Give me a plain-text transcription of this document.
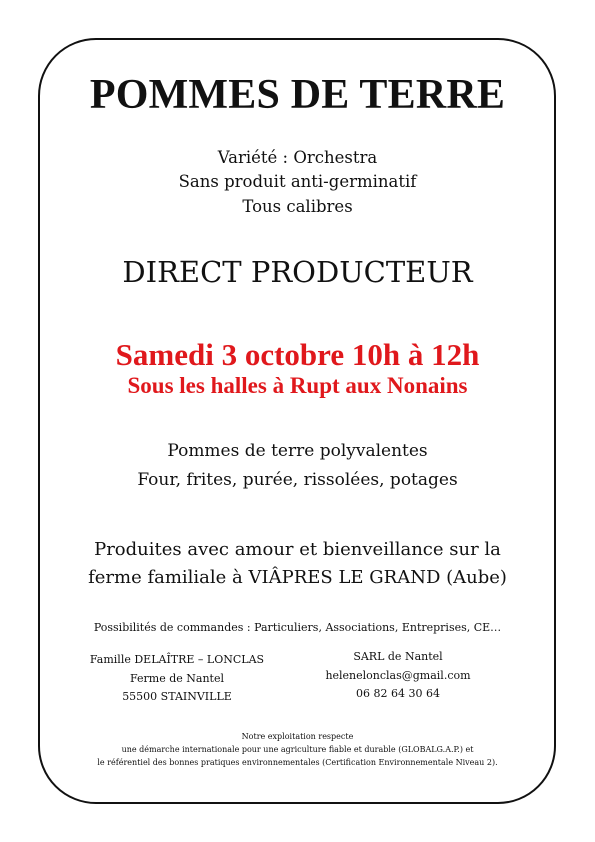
POMMES DE TERRE
Variété : Orchestra
Sans produit anti-germinatif
Tous calibres
DIRECT PRODUCTEUR
Samedi 3 octobre 10h à 12h
Sous les halles à Rupt aux Nonains
Pommes de terre polyvalentes
Four, frites, purée, rissolées, potages
Produites avec amour et bienveillance sur la
ferme familiale à VIÂPRES LE GRAND (Aube)
Possibilités de commandes : Particuliers, Associations, Entreprises, CE…
Famille DELAÎTRE – LONCLAS
Ferme de Nantel
55500 STAINVILLE
SARL de Nantel
heleneloncl​as@gmail.com
06 82 64 30 64
Notre exploitation respecte
une démarche internationale pour une agriculture fiable et durable (GLOBALG.A.P.) et
le référentiel des bonnes pratiques environnementales (Certification Environnementale Niveau 2).
